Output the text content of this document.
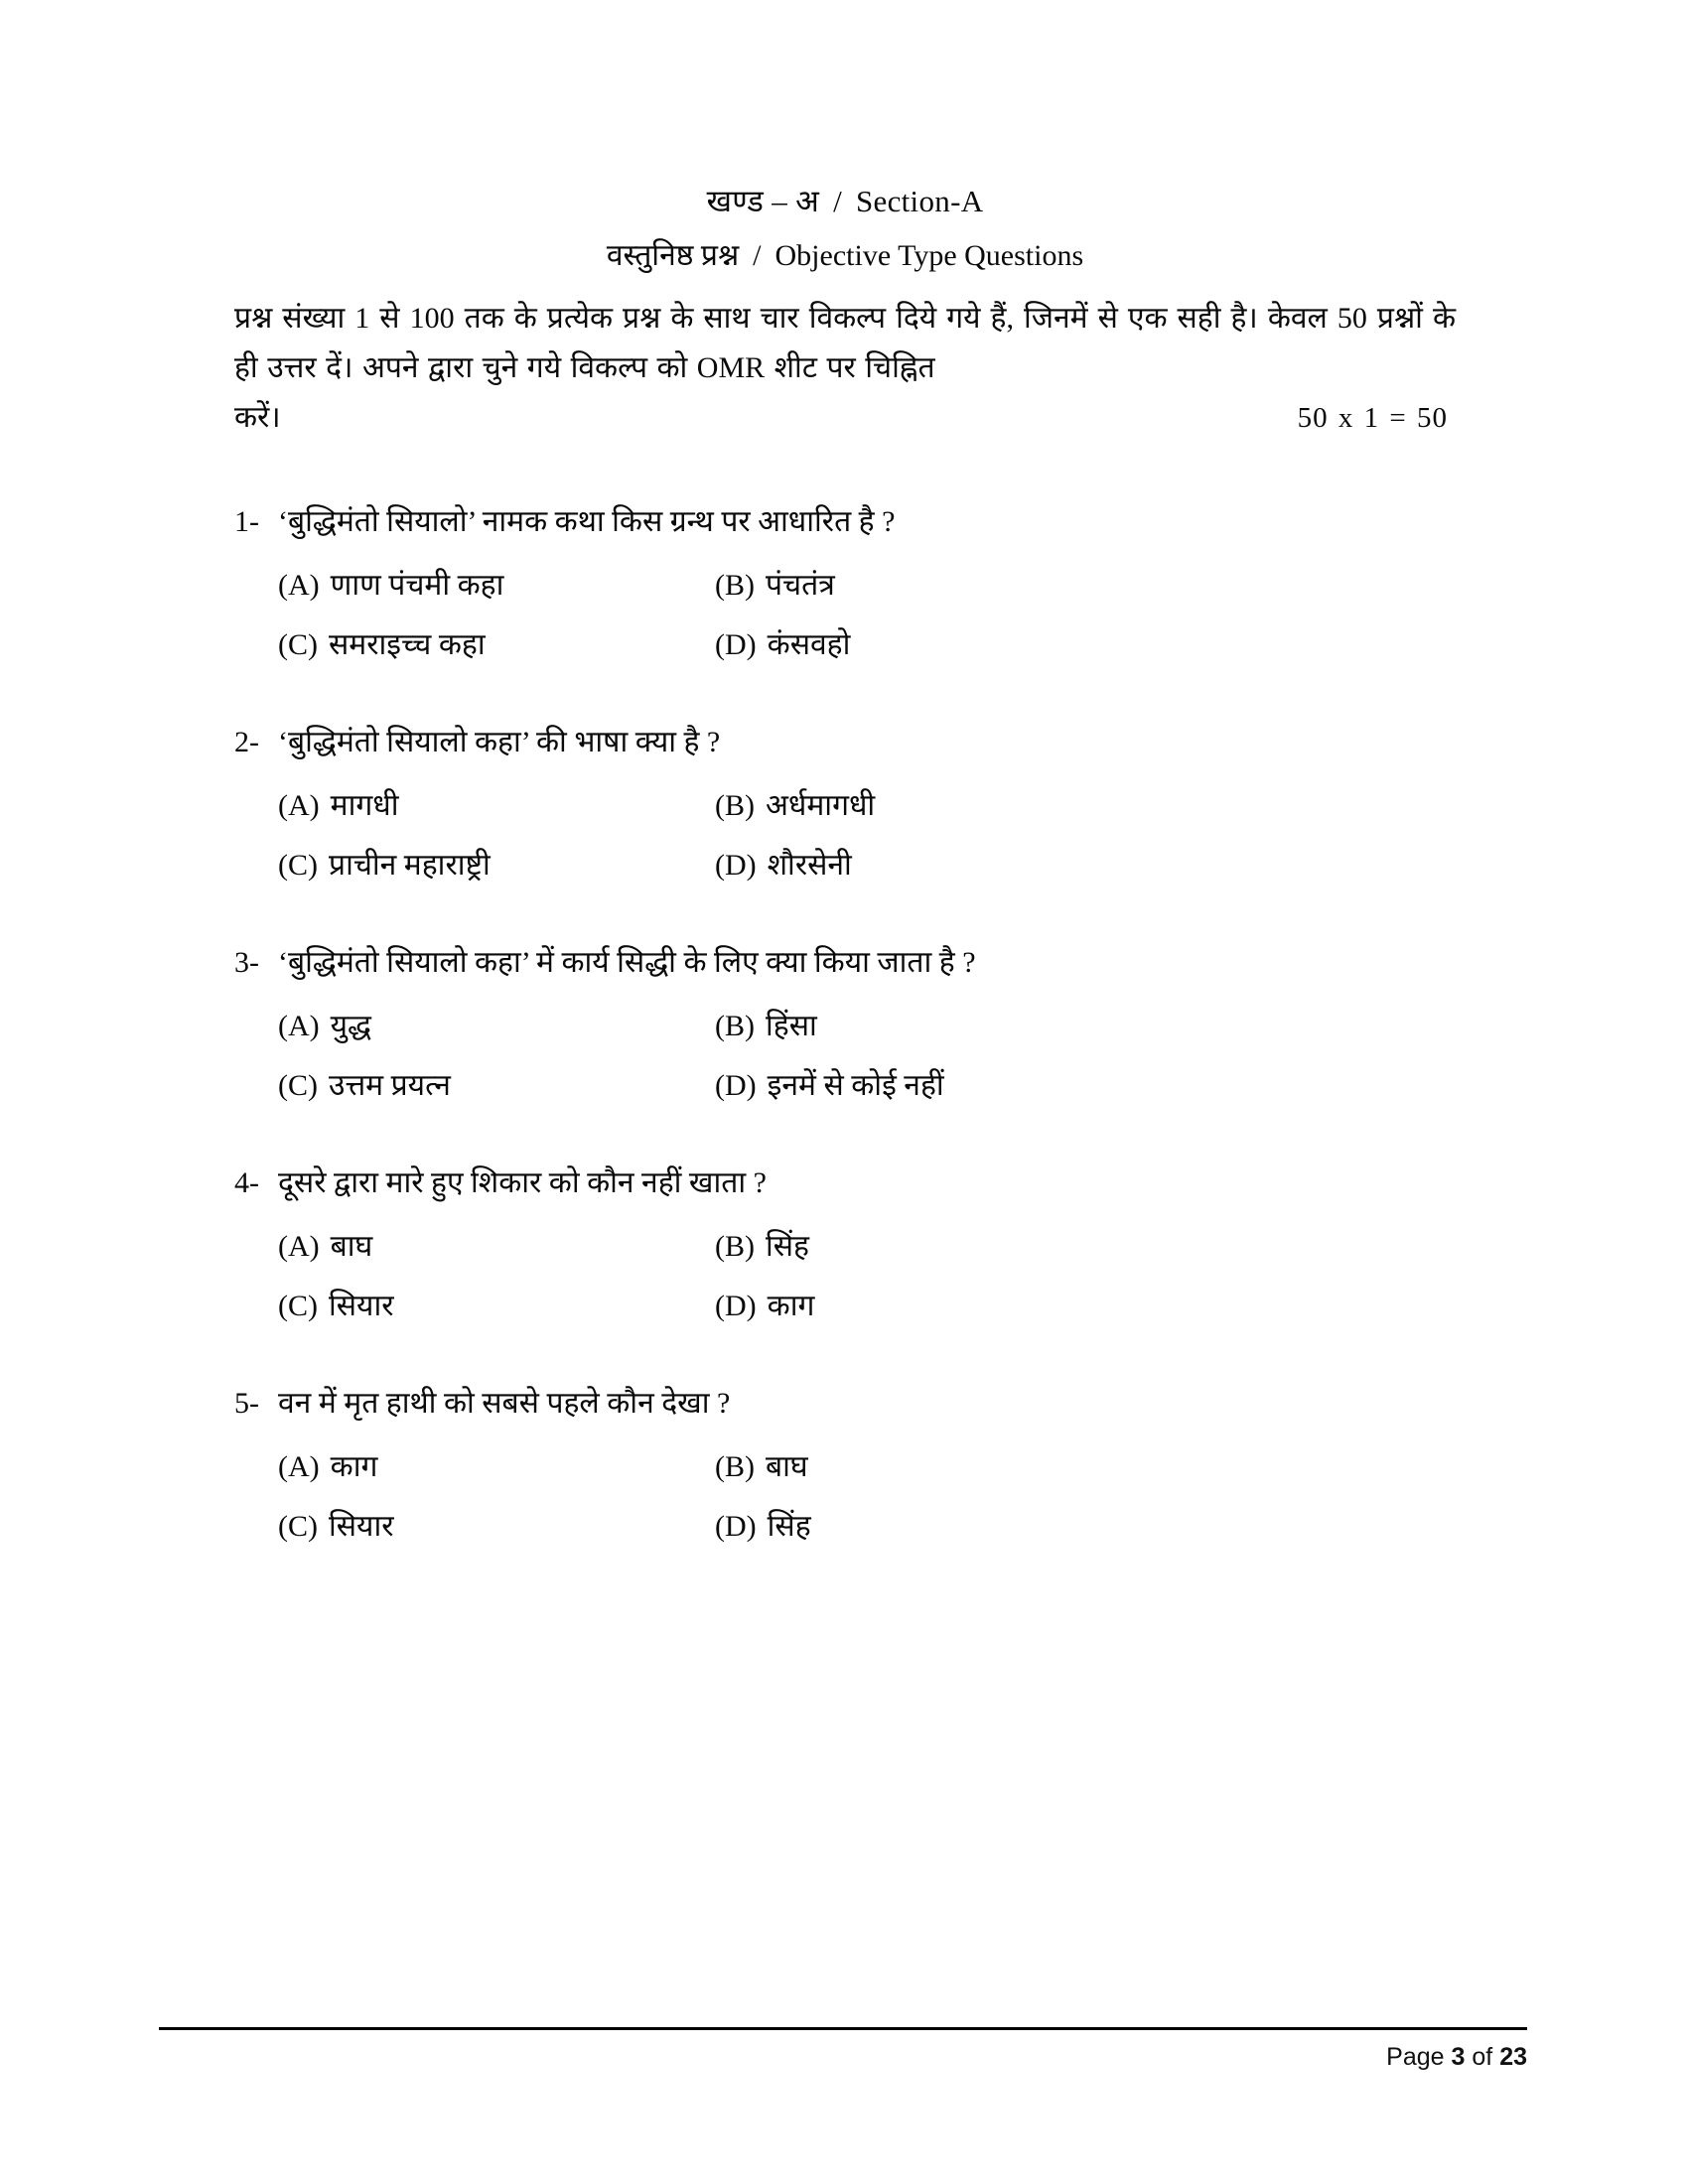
खण्ड – अ / Section-A
वस्तुनिष्ठ प्रश्न / Objective Type Questions
प्रश्न संख्या 1 से 100 तक के प्रत्येक प्रश्न के साथ चार विकल्प दिये गये हैं, जिनमें से एक सही है। केवल 50 प्रश्नों के ही उत्तर दें। अपने द्वारा चुने गये विकल्प को OMR शीट पर चिह्नित
करें।	50 x 1 = 50
1- ‘बुद्धिमंतो सियालो’ नामक कथा किस ग्रन्थ पर आधारित है ?
(A) णाण पंचमी कहा	(B) पंचतंत्र
(C) समराइच्च कहा	(D) कंसवहो
2- ‘बुद्धिमंतो सियालो कहा’ की भाषा क्या है ?
(A) मागधी	(B) अर्धमागधी
(C) प्राचीन महाराष्ट्री	(D) शौरसेनी
3- ‘बुद्धिमंतो सियालो कहा’ में कार्य सिद्धी के लिए क्या किया जाता है ?
(A) युद्ध	(B) हिंसा
(C) उत्तम प्रयत्न	(D) इनमें से कोई नहीं
4- दूसरे द्वारा मारे हुए शिकार को कौन नहीं खाता ?
(A) बाघ	(B) सिंह
(C) सियार	(D) काग
5- वन में मृत हाथी को सबसे पहले कौन देखा ?
(A) काग	(B) बाघ
(C) सियार	(D) सिंह
Page 3 of 23
